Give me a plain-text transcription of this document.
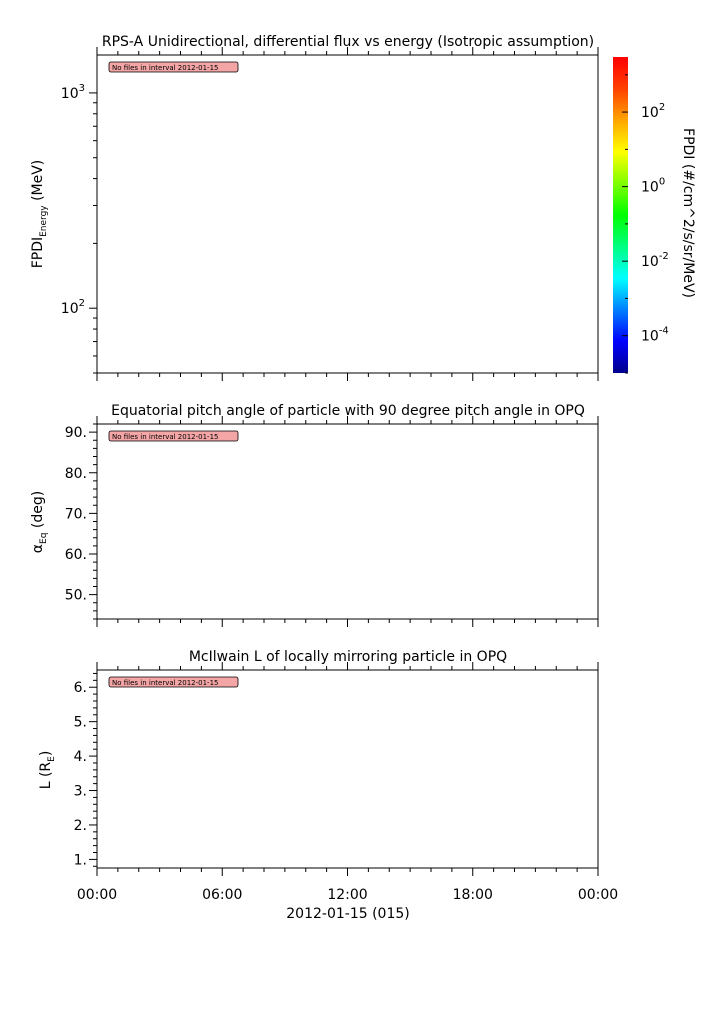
RPS-A Unidirectional, differential flux vs energy (Isotropic assumption)
$10^2$
$10^3$
$FPDI_{Energy}$ (MeV)
No files in interval 2012-01-15
$10^{-4}$
$10^{-2}$
$10^0$
$10^2$
FPDI (#/cm^2/s/sr/MeV)
Equatorial pitch angle of particle with 90 degree pitch angle in OPQ
50.
60.
70.
80.
90.
$\alpha_{Eq}$ (deg)
No files in interval 2012-01-15
McIlwain L of locally mirroring particle in OPQ
1.
2.
3.
4.
5.
6.
L $(R_E)$
No files in interval 2012-01-15
00:00	06:00	12:00	18:00	00:00
2012-01-15 (015)
